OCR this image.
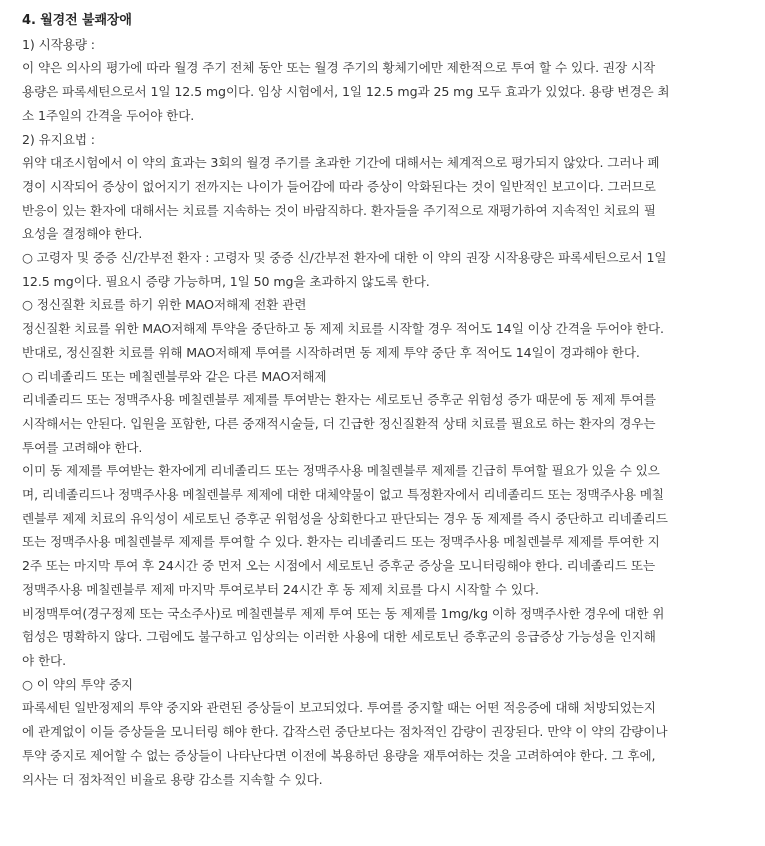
4. 월경전 불쾌장애
1) 시작용량 :
이 약은 의사의 평가에 따라 월경 주기 전체 동안 또는 월경 주기의 황체기에만 제한적으로 투여 할 수 있다. 권장 시작
용량은 파록세틴으로서 1일 12.5 mg이다. 임상 시험에서, 1일 12.5 mg과 25 mg 모두 효과가 있었다. 용량 변경은 최
소 1주일의 간격을 두어야 한다.
2) 유지요법 :
위약 대조시험에서 이 약의 효과는 3회의 월경 주기를 초과한 기간에 대해서는 체계적으로 평가되지 않았다. 그러나 폐
경이 시작되어 증상이 없어지기 전까지는 나이가 들어감에 따라 증상이 악화된다는 것이 일반적인 보고이다. 그러므로
반응이 있는 환자에 대해서는 치료를 지속하는 것이 바람직하다. 환자들을 주기적으로 재평가하여 지속적인 치료의 필
요성을 결정해야 한다.
○ 고령자 및 중증 신/간부전 환자 : 고령자 및 중증 신/간부전 환자에 대한 이 약의 권장 시작용량은 파록세틴으로서 1일
12.5 mg이다. 필요시 증량 가능하며, 1일 50 mg을 초과하지 않도록 한다.
○ 정신질환 치료를 하기 위한 MAO저해제 전환 관련
정신질환 치료를 위한 MAO저해제 투약을 중단하고 동 제제 치료를 시작할 경우 적어도 14일 이상 간격을 두어야 한다.
반대로, 정신질환 치료를 위해 MAO저해제 투여를 시작하려면 동 제제 투약 중단 후 적어도 14일이 경과해야 한다.
○ 리네졸리드 또는 메칠렌블루와 같은 다른 MAO저해제
리네졸리드 또는 정맥주사용 메칠렌블루 제제를 투여받는 환자는 세로토닌 증후군 위험성 증가 때문에 동 제제 투여를
시작해서는 안된다. 입원을 포함한, 다른 중재적시술들, 더 긴급한 정신질환적 상태 치료를 필요로 하는 환자의 경우는
투여를 고려해야 한다.
이미 동 제제를 투여받는 환자에게 리네졸리드 또는 정맥주사용 메칠렌블루 제제를 긴급히 투여할 필요가 있을 수 있으
며, 리네졸리드나 정맥주사용 메칠렌블루 제제에 대한 대체약물이 없고 특정환자에서 리네졸리드 또는 정맥주사용 메칠
렌블루 제제 치료의 유익성이 세로토닌 증후군 위험성을 상회한다고 판단되는 경우 동 제제를 즉시 중단하고 리네졸리드
또는 정맥주사용 메칠렌블루 제제를 투여할 수 있다. 환자는 리네졸리드 또는 정맥주사용 메칠렌블루 제제를 투여한 지
2주 또는 마지막 투여 후 24시간 중 먼저 오는 시점에서 세로토닌 증후군 증상을 모니터링해야 한다. 리네졸리드 또는
정맥주사용 메칠렌블루 제제 마지막 투여로부터 24시간 후 동 제제 치료를 다시 시작할 수 있다.
비정맥투여(경구정제 또는 국소주사)로 메칠렌블루 제제 투여 또는 동 제제를 1mg/kg 이하 정맥주사한 경우에 대한 위
험성은 명확하지 않다. 그럼에도 불구하고 임상의는 이러한 사용에 대한 세로토닌 증후군의 응급증상 가능성을 인지해
야 한다.
○ 이 약의 투약 중지
파록세틴 일반정제의 투약 중지와 관련된 증상들이 보고되었다. 투여를 중지할 때는 어떤 적응증에 대해 처방되었는지
에 관계없이 이들 증상들을 모니터링 해야 한다. 갑작스런 중단보다는 점차적인 감량이 권장된다. 만약 이 약의 감량이나
투약 중지로 제어할 수 없는 증상들이 나타난다면 이전에 복용하던 용량을 재투여하는 것을 고려하여야 한다. 그 후에,
의사는 더 점차적인 비율로 용량 감소를 지속할 수 있다.
